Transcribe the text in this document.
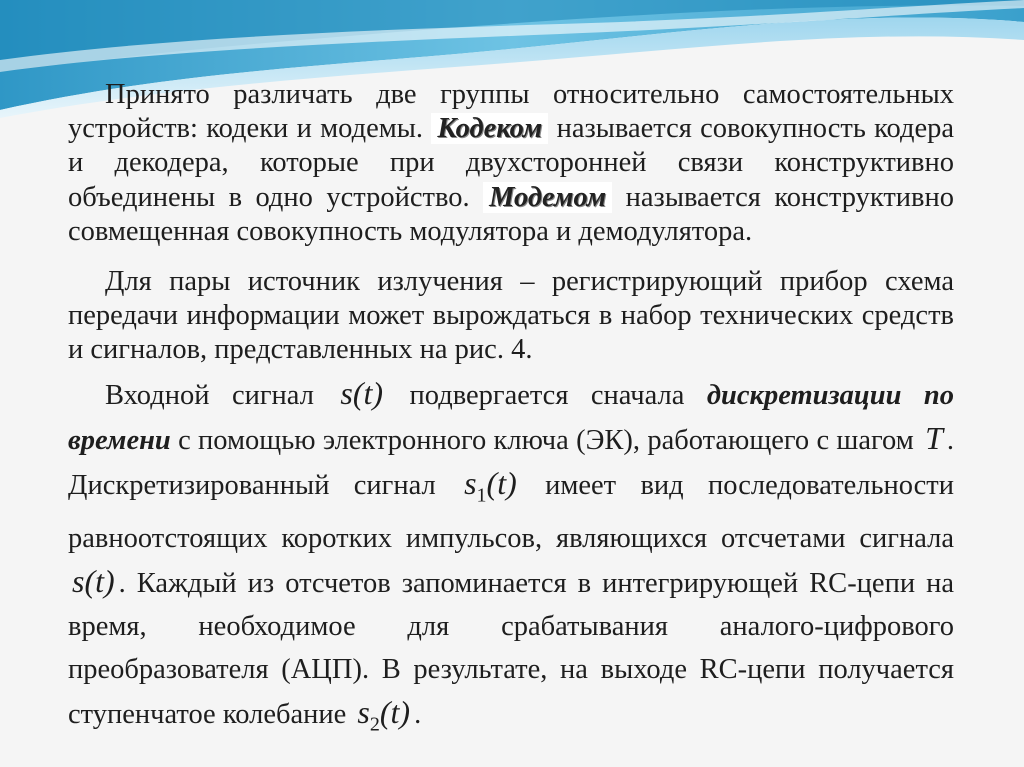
Принято различать две группы относительно самостоятельных устройств: кодеки и модемы. Кодеком называется совокупность кодера и декодера, которые при двухсторонней связи конструктивно объединены в одно устройство. Модемом называется конструктивно совмещенная совокупность модулятора и демодулятора.

Для пары источник излучения – регистрирующий прибор схема передачи информации может вырождаться в набор технических средств и сигналов, представленных на рис. 4.

Входной сигнал s(t) подвергается сначала дискретизации по времени с помощью электронного ключа (ЭК), работающего с шагом T . Дискретизированный сигнал $s_1(t)$ имеет вид последовательности равноотстоящих коротких импульсов, являющихся отсчетами сигнала s(t) . Каждый из отсчетов запоминается в интегрирующей RC-цепи на время, необходимое для срабатывания аналого-цифрового преобразователя (АЦП). В результате, на выходе RC-цепи получается ступенчатое колебание $s_2(t)$ .
